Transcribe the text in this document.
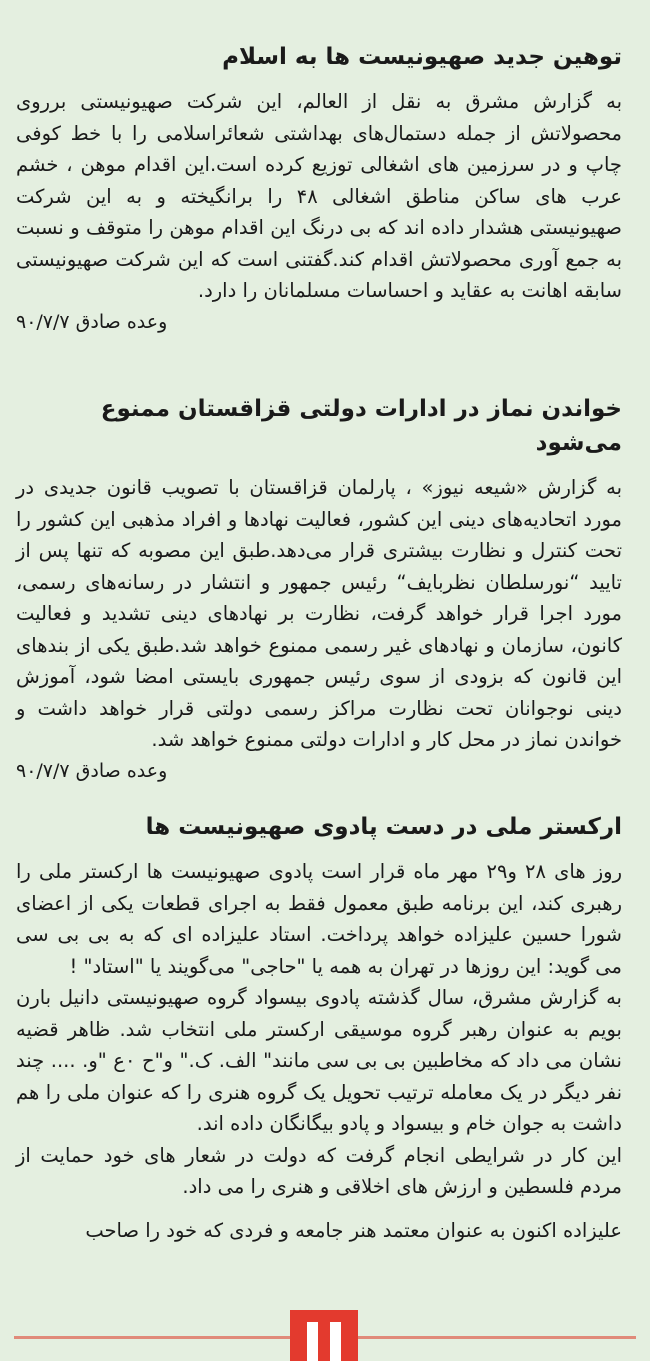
توهین جدید صهیونیست ها به اسلام

به گزارش مشرق به نقل از العالم، این شرکت صهیونیستی برروی محصولاتش از جمله دستمال‌های بهداشتی شعائراسلامی را با خط کوفی چاپ و در سرزمین های اشغالی توزیع کرده است.این اقدام موهن ، خشم عرب های ساکن مناطق اشغالی ۴۸ را برانگیخته و به این شرکت صهیونیستی هشدار داده اند که بی درنگ این اقدام موهن را متوقف و نسبت به جمع آوری محصولاتش اقدام کند.گفتنی است که این شرکت صهیونیستی سابقه اهانت به عقاید و احساسات مسلمانان را دارد.

وعده صادق ۹۰/۷/۷

خواندن نماز در ادارات دولتی قزاقستان ممنوع می‌شود

به گزارش «شیعه نیوز» ، پارلمان قزاقستان با تصویب قانون جدیدی در مورد اتحادیه‌های دینی این کشور، فعالیت نهادها و افراد مذهبی این کشور را تحت کنترل و نظارت بیشتری قرار می‌دهد.طبق این مصوبه که تنها پس از تایید “نورسلطان نظربایف“ رئیس جمهور و انتشار در رسانه‌های رسمی، مورد اجرا قرار خواهد گرفت، نظارت بر نهادهای دینی تشدید و فعالیت کانون، سازمان و نهادهای غیر رسمی ممنوع خواهد شد.طبق یکی از بندهای این قانون که بزودی از سوی رئیس جمهوری بایستی امضا شود، آموزش دینی نوجوانان تحت نظارت مراکز رسمی دولتی قرار خواهد داشت و خواندن نماز در محل کار و ادارات دولتی ممنوع خواهد شد.

وعده صادق ۹۰/۷/۷

ارکستر ملی در دست پادوی صهیونیست ها

روز های ۲۸ و۲۹ مهر ماه قرار است پادوی صهیونیست ها ارکستر ملی را رهبری کند، این برنامه طبق معمول فقط به اجرای قطعات یکی از اعضای شورا حسین علیزاده خواهد پرداخت. استاد علیزاده ای که به بی بی سی می گوید: این روزها در تهران به همه یا "حاجی" می‌گویند یا "استاد" !

به گزارش مشرق، سال گذشته پادوی بیسواد گروه صهیونیستی دانیل بارن بویم به عنوان رهبر گروه موسیقی ارکستر ملی انتخاب شد. ظاهر قضیه نشان می داد که مخاطبین بی بی سی مانند" الف. ک." و"ح ۰ع "و. .... چند نفر دیگر در یک معامله ترتیب تحویل یک گروه هنری را که عنوان ملی را هم داشت به جوان خام و بیسواد و پادو بیگانگان داده اند.

این کار در شرایطی انجام گرفت که دولت در شعار های خود حمایت از مردم فلسطین و ارزش های اخلاقی و هنری را می داد.

علیزاده اکنون به عنوان معتمد هنر جامعه و فردی که خود را صاحب
